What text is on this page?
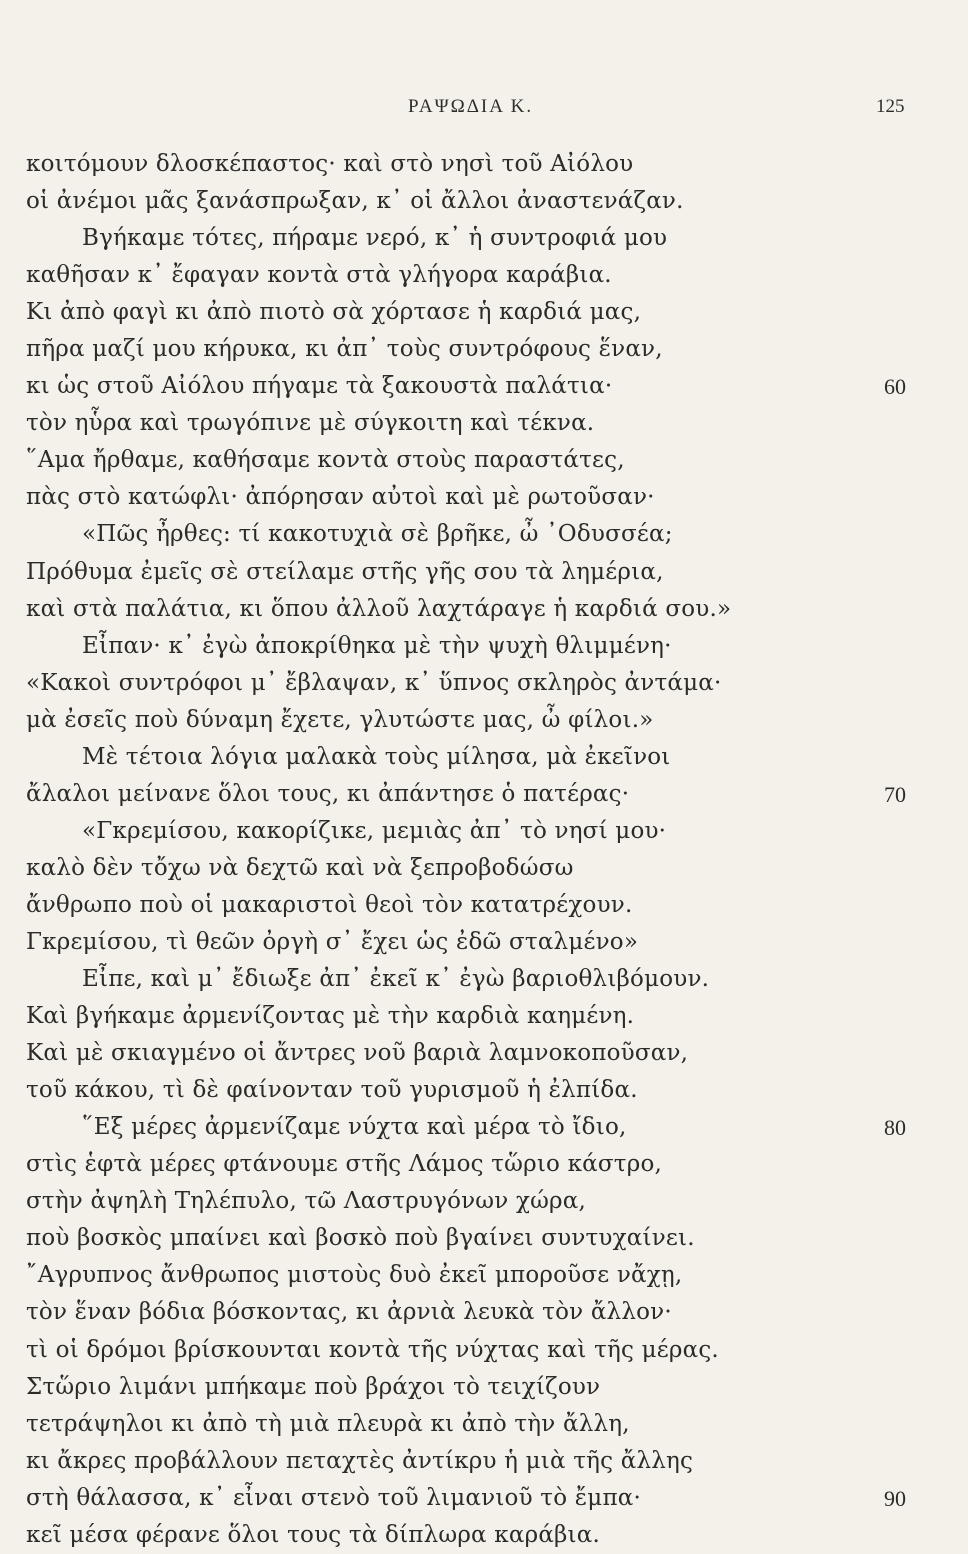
ΡΑΨΩΔΙΑ Κ.	125
κοιτόμουν δλοσκέπαστος· καὶ στὸ νησὶ τοῦ Αἰόλου
οἱ ἀνέμοι μᾶς ξανάσπρωξαν, κ᾽ οἱ ἄλλοι ἀναστενάζαν.
Βγήκαμε τότες, πήραμε νερό, κ᾽ ἡ συντροφιά μου
καθῆσαν κ᾽ ἔφαγαν κοντὰ στὰ γλήγορα καράβια.
Κι ἀπὸ φαγὶ κι ἀπὸ πιοτὸ σὰ χόρτασε ἡ καρδιά μας,
πῆρα μαζί μου κήρυκα, κι ἀπ᾽ τοὺς συντρόφους ἕναν,
κι ὡς στοῦ Αἰόλου πήγαμε τὰ ξακουστὰ παλάτια·	60
τὸν ηὗρα καὶ τρωγόπινε μὲ σύγκοιτη καὶ τέκνα.
῞Αμα ἤρθαμε, καθήσαμε κοντὰ στοὺς παραστάτες,
πὰς στὸ κατώφλι· ἀπόρησαν αὐτοὶ καὶ μὲ ρωτοῦσαν·
«Πῶς ἦρθες: τί κακοτυχιὰ σὲ βρῆκε, ὦ ᾽Οδυσσέα;
Πρόθυμα ἐμεῖς σὲ στείλαμε στῆς γῆς σου τὰ λημέρια,
καὶ στὰ παλάτια, κι ὅπου ἀλλοῦ λαχτάραγε ἡ καρδιά σου.»
Εἶπαν· κ᾽ ἐγὼ ἀποκρίθηκα μὲ τὴν ψυχὴ θλιμμένη·
«Κακοὶ συντρόφοι μ᾽ ἔβλαψαν, κ᾽ ὕπνος σκληρὸς ἀντάμα·
μὰ ἐσεῖς ποὺ δύναμη ἔχετε, γλυτώστε μας, ὦ φίλοι.»
Μὲ τέτοια λόγια μαλακὰ τοὺς μίλησα, μὰ ἐκεῖνοι
ἄλαλοι μείνανε ὅλοι τους, κι ἀπάντησε ὁ πατέρας·	70
«Γκρεμίσου, κακορίζικε, μεμιὰς ἀπ᾽ τὸ νησί μου·
καλὸ δὲν τὄχω νὰ δεχτῶ καὶ νὰ ξεπροβοδώσω
ἄνθρωπο ποὺ οἱ μακαριστοὶ θεοὶ τὸν κατατρέχουν.
Γκρεμίσου, τὶ θεῶν ὀργὴ σ᾽ ἔχει ὡς ἐδῶ σταλμένο»
Εἶπε, καὶ μ᾽ ἔδιωξε ἀπ᾽ ἐκεῖ κ᾽ ἐγὼ βαριοθλιβόμουν.
Καὶ βγήκαμε ἀρμενίζοντας μὲ τὴν καρδιὰ καημένη.
Καὶ μὲ σκιαγμένο οἱ ἄντρες νοῦ βαριὰ λαμνοκοποῦσαν,
τοῦ κάκου, τὶ δὲ φαίνονταν τοῦ γυρισμοῦ ἡ ἐλπίδα.
῞Εξ μέρες ἀρμενίζαμε νύχτα καὶ μέρα τὸ ἴδιο,	80
στὶς ἑφτὰ μέρες φτάνουμε στῆς Λάμος τὥριο κάστρο,
στὴν ἀψηλὴ Τηλέπυλο, τῶ Λαστρυγόνων χώρα,
ποὺ βοσκὸς μπαίνει καὶ βοσκὸ ποὺ βγαίνει συντυχαίνει.
῎Αγρυπνος ἄνθρωπος μιστοὺς δυὸ ἐκεῖ μποροῦσε νἄχῃ,
τὸν ἕναν βόδια βόσκοντας, κι ἀρνιὰ λευκὰ τὸν ἄλλον·
τὶ οἱ δρόμοι βρίσκουνται κοντὰ τῆς νύχτας καὶ τῆς μέρας.
Στὥριο λιμάνι μπήκαμε ποὺ βράχοι τὸ τειχίζουν
τετράψηλοι κι ἀπὸ τὴ μιὰ πλευρὰ κι ἀπὸ τὴν ἄλλη,
κι ἄκρες προβάλλουν πεταχτὲς ἀντίκρυ ἡ μιὰ τῆς ἄλλης
στὴ θάλασσα, κ᾽ εἶναι στενὸ τοῦ λιμανιοῦ τὸ ἔμπα·	90
κεῖ μέσα φέρανε ὅλοι τους τὰ δίπλωρα καράβια.
